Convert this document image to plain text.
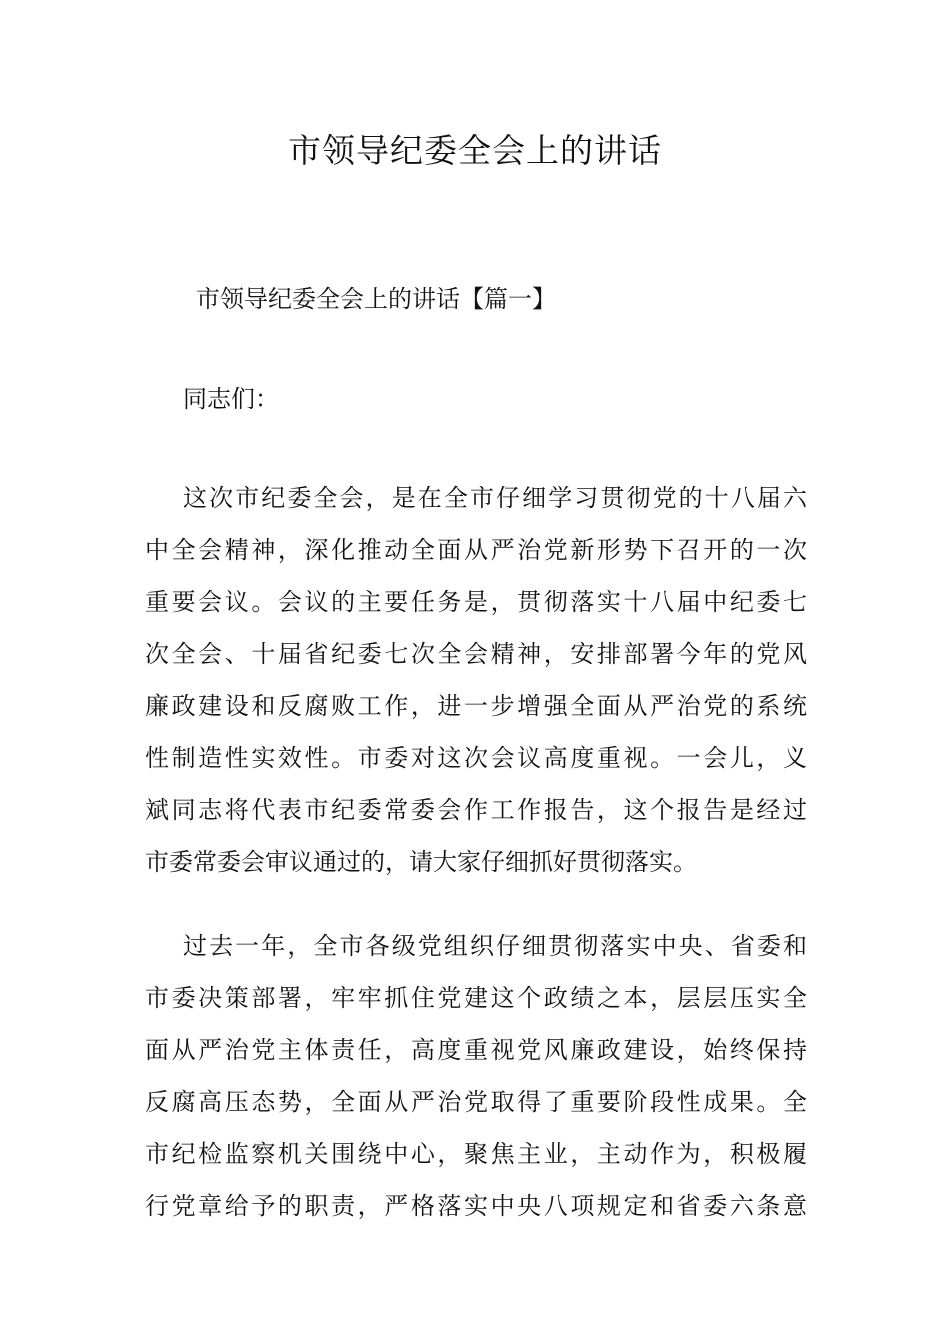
市领导纪委全会上的讲话

市领导纪委全会上的讲话【篇一】

同志们：

这次市纪委全会，是在全市仔细学习贯彻党的十八届六
中全会精神，深化推动全面从严治党新形势下召开的一次
重要会议。会议的主要任务是，贯彻落实十八届中纪委七
次全会、十届省纪委七次全会精神，安排部署今年的党风
廉政建设和反腐败工作，进一步增强全面从严治党的系统
性制造性实效性。市委对这次会议高度重视。一会儿，义
斌同志将代表市纪委常委会作工作报告，这个报告是经过
市委常委会审议通过的，请大家仔细抓好贯彻落实。
过去一年，全市各级党组织仔细贯彻落实中央、省委和
市委决策部署，牢牢抓住党建这个政绩之本，层层压实全
面从严治党主体责任，高度重视党风廉政建设，始终保持
反腐高压态势，全面从严治党取得了重要阶段性成果。全
市纪检监察机关围绕中心，聚焦主业，主动作为，积极履
行党章给予的职责，严格落实中央八项规定和省委六条意
